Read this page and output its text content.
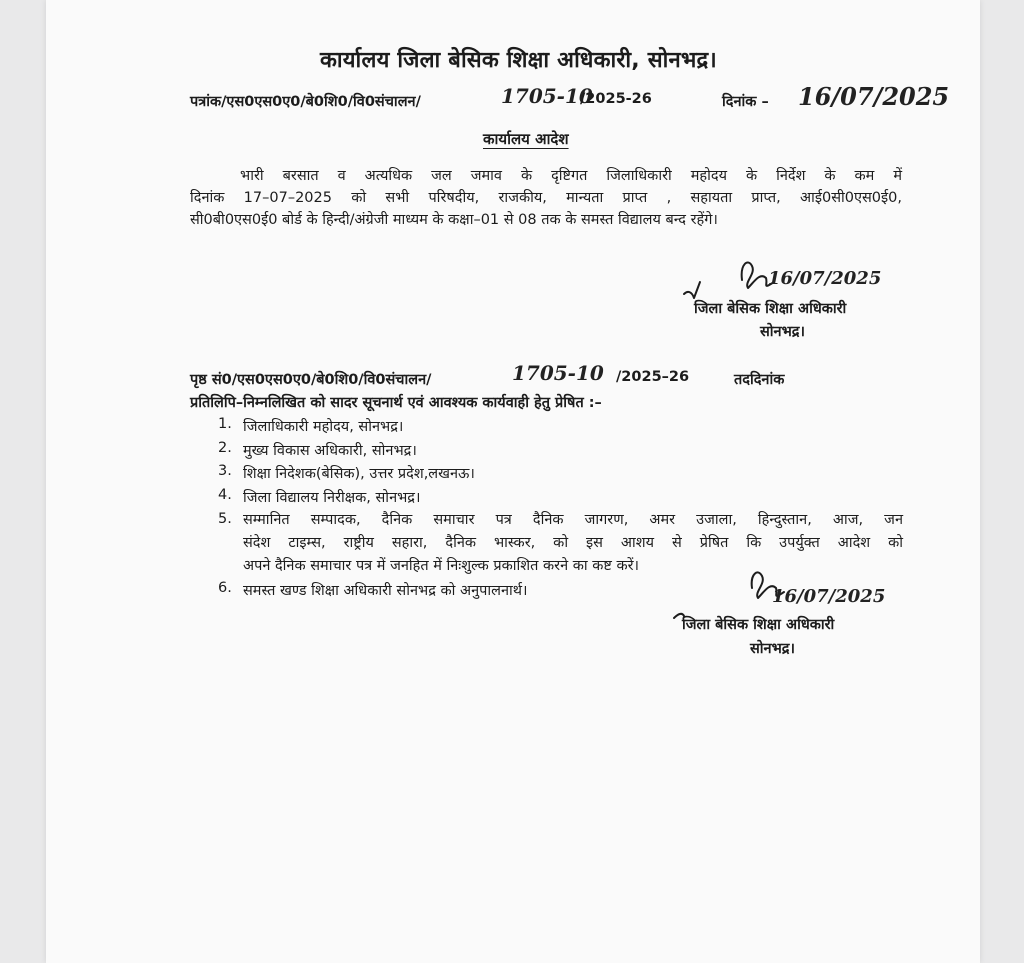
कार्यालय जिला बेसिक शिक्षा अधिकारी, सोनभद्र।
पत्रांक/एस0एस0ए0/बे0शि0/वि0संचालन/	1705-10
/2025-26	दिनांक – 16/07/2025
कार्यालय आदेश
भारी बरसात व अत्यधिक जल जमाव के दृष्टिगत जिलाधिकारी महोदय के निर्देश के कम में
दिनांक 17–07–2025 को सभी परिषदीय, राजकीय, मान्यता प्राप्त , सहायता प्राप्त, आई0सी0एस0ई0,
सी0बी0एस0ई0 बोर्ड के हिन्दी/अंग्रेजी माध्यम के कक्षा–01 से 08 तक के समस्त विद्यालय बन्द रहेंगे।
16/07/2025
जिला बेसिक शिक्षा अधिकारी
सोनभद्र।
पृष्ठ सं0/एस0एस0ए0/बे0शि0/वि0संचालन/	1705-10 /2025–26	तददिनांक
प्रतिलिपि–निम्नलिखित को सादर सूचनार्थ एवं आवश्यक कार्यवाही हेतु प्रेषित :–
1. जिलाधिकारी महोदय, सोनभद्र।
2. मुख्य विकास अधिकारी, सोनभद्र।
3. शिक्षा निदेशक(बेसिक), उत्तर प्रदेश,लखनऊ।
4. जिला विद्यालय निरीक्षक, सोनभद्र।
5. सम्मानित सम्पादक, दैनिक समाचार पत्र दैनिक जागरण, अमर उजाला, हिन्दुस्तान, आज, जन
संदेश टाइम्स, राष्ट्रीय सहारा, दैनिक भास्कर, को इस आशय से प्रेषित कि उपर्युक्त आदेश को
अपने दैनिक समाचार पत्र में जनहित में निःशुल्क प्रकाशित करने का कष्ट करें।
6. समस्त खण्ड शिक्षा अधिकारी सोनभद्र को अनुपालनार्थ।	16/07/2025
जिला बेसिक शिक्षा अधिकारी
सोनभद्र।
